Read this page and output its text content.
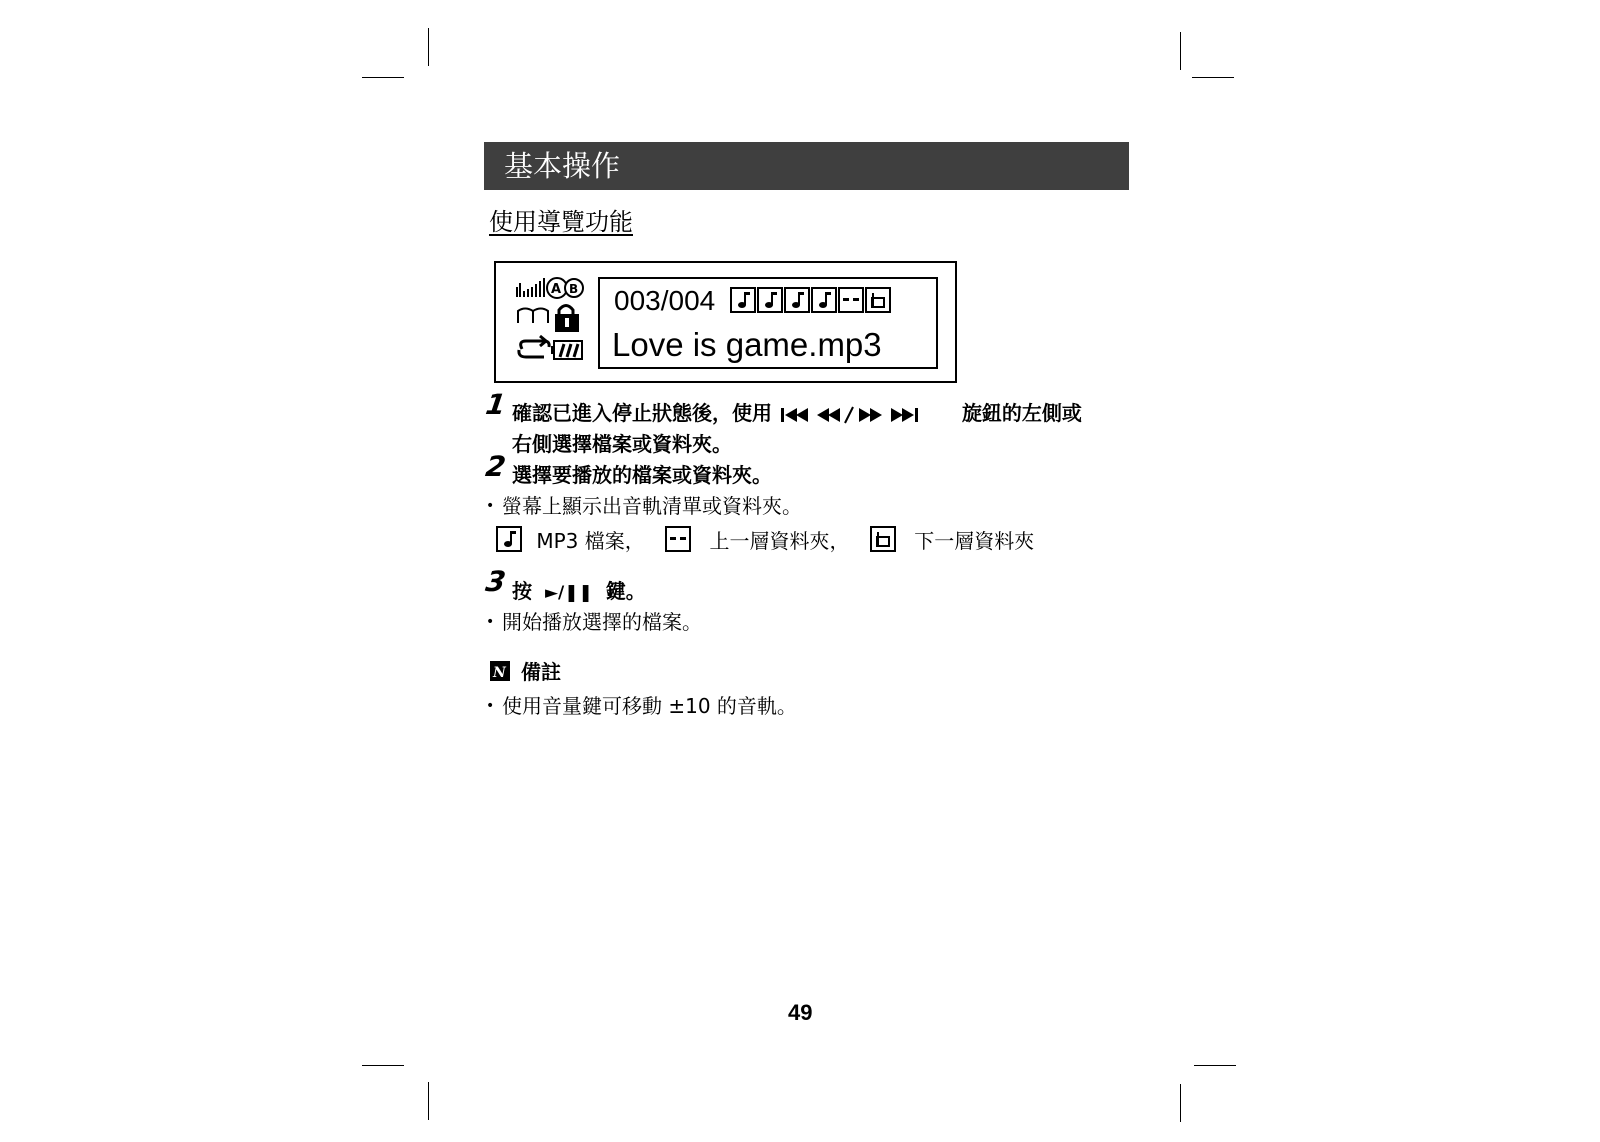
基本操作
使用導覽功能
A B 003/004
Love is game.mp3
1 確認已進入停止狀態後，使用	旋鈕的左側或
右側選擇檔案或資料夾。
2 選擇要播放的檔案或資料夾。
• 螢幕上顯示出音軌清單或資料夾。
MP3 檔案，	上一層資料夾，	下一層資料夾
3 按 ►/❚❚ 鍵。
• 開始播放選擇的檔案。
N 備註
• 使用音量鍵可移動 ±10 的音軌。
49
